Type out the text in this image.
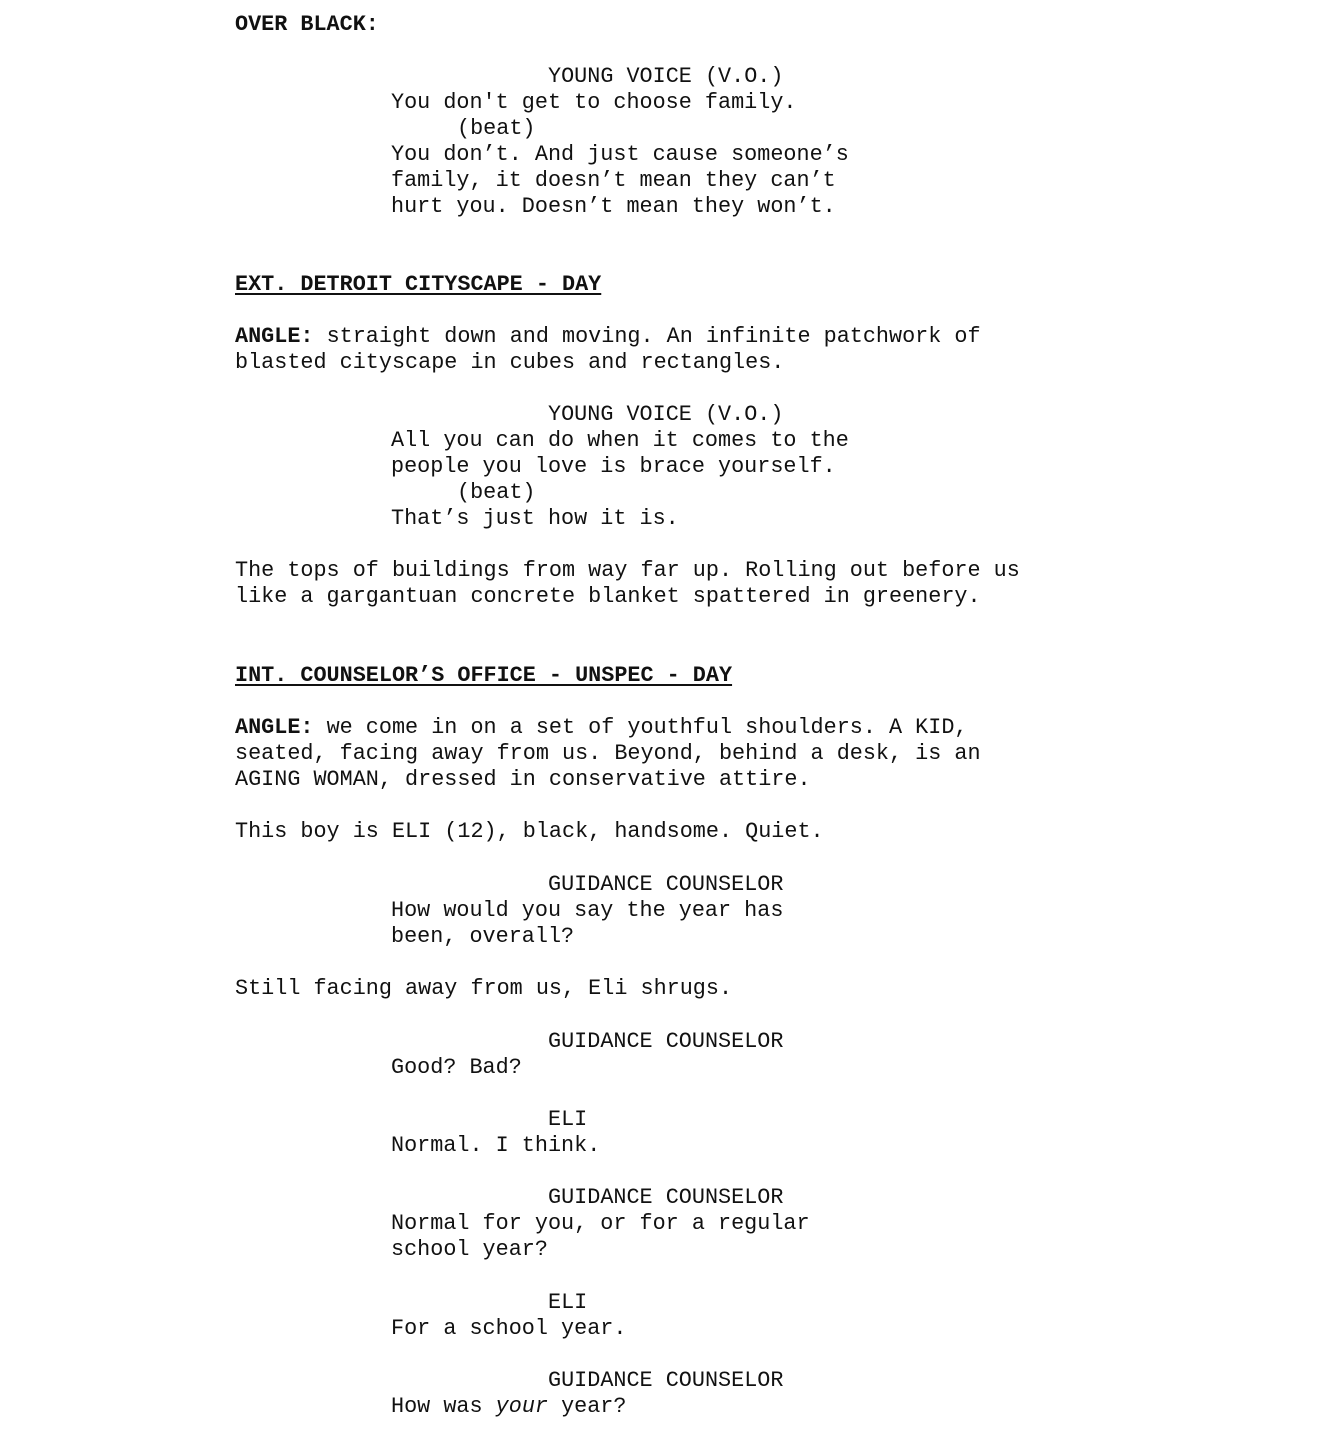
OVER BLACK:
YOUNG VOICE (V.O.)
You don't get to choose family.
(beat)
You don’t. And just cause someone’s
family, it doesn’t mean they can’t
hurt you. Doesn’t mean they won’t.
EXT. DETROIT CITYSCAPE - DAY
ANGLE: straight down and moving. An infinite patchwork of
blasted cityscape in cubes and rectangles.
YOUNG VOICE (V.O.)
All you can do when it comes to the
people you love is brace yourself.
(beat)
That’s just how it is.
The tops of buildings from way far up. Rolling out before us
like a gargantuan concrete blanket spattered in greenery.
INT. COUNSELOR’S OFFICE - UNSPEC - DAY
ANGLE: we come in on a set of youthful shoulders. A KID,
seated, facing away from us. Beyond, behind a desk, is an
AGING WOMAN, dressed in conservative attire.
This boy is ELI (12), black, handsome. Quiet.
GUIDANCE COUNSELOR
How would you say the year has
been, overall?
Still facing away from us, Eli shrugs.
GUIDANCE COUNSELOR
Good? Bad?
ELI
Normal. I think.
GUIDANCE COUNSELOR
Normal for you, or for a regular
school year?
ELI
For a school year.
GUIDANCE COUNSELOR
How was your year?
